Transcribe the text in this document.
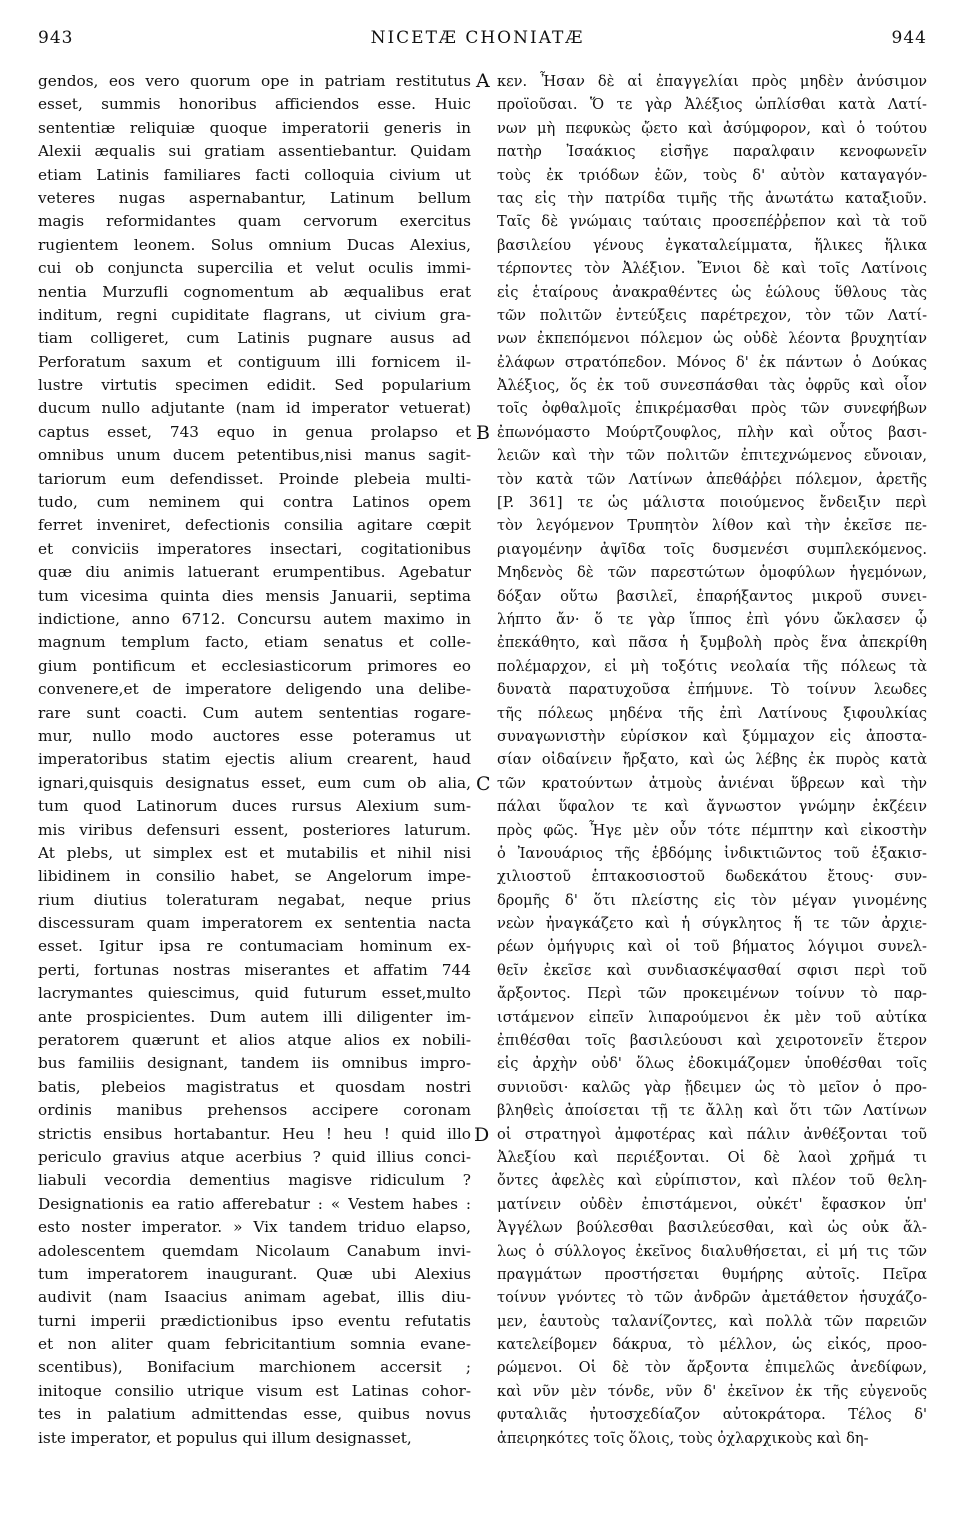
943	NICETÆ CHONIATÆ	944
gendos, eos vero quorum ope in patriam restitutus
esset, summis honoribus afficiendos esse. Huic
sententiæ reliquiæ quoque imperatorii generis in
Alexii æqualis sui gratiam assentiebantur. Quidam
etiam Latinis familiares facti colloquia civium ut
veteres nugas aspernabantur, Latinum bellum
magis reformidantes quam cervorum exercitus
rugientem leonem. Solus omnium Ducas Alexius,
cui ob conjuncta supercilia et velut oculis immi-
nentia Murzufli cognomentum ab æqualibus erat
inditum, regni cupiditate flagrans, ut civium gra-
tiam colligeret, cum Latinis pugnare ausus ad
Perforatum saxum et contiguum illi fornicem il-
lustre virtutis specimen edidit. Sed popularium
ducum nullo adjutante (nam id imperator vetuerat)
captus esset, 743 equo in genua prolapso et
omnibus unum ducem petentibus,nisi manus sagit-
tariorum eum defendisset. Proinde plebeia multi-
tudo, cum neminem qui contra Latinos opem
ferret inveniret, defectionis consilia agitare cœpit
et conviciis imperatores insectari, cogitationibus
quæ diu animis latuerant erumpentibus. Agebatur
tum vicesima quinta dies mensis Januarii, septima
indictione, anno 6712. Concursu autem maximo in
magnum templum facto, etiam senatus et colle-
gium pontificum et ecclesiasticorum primores eo
convenere,et de imperatore deligendo una delibe-
rare sunt coacti. Cum autem sententias rogare-
mur, nullo modo auctores esse poteramus ut
imperatoribus statim ejectis alium crearent, haud
ignari,quisquis designatus esset, eum cum ob alia,
tum quod Latinorum duces rursus Alexium sum-
mis viribus defensuri essent, posteriores laturum.
At plebs, ut simplex est et mutabilis et nihil nisi
libidinem in consilio habet, se Angelorum impe-
rium diutius toleraturam negabat, neque prius
discessuram quam imperatorem ex sententia nacta
esset. Igitur ipsa re contumaciam hominum ex-
perti, fortunas nostras miserantes et affatim 744
lacrymantes quiescimus, quid futurum esset,multo
ante prospicientes. Dum autem illi diligenter im-
peratorem quærunt et alios atque alios ex nobili-
bus familiis designant, tandem iis omnibus impro-
batis, plebeios magistratus et quosdam nostri
ordinis manibus prehensos accipere coronam
strictis ensibus hortabantur. Heu ! heu ! quid illo
periculo gravius atque acerbius ? quid illius conci-
liabuli vecordia dementius magisve ridiculum ?
Designationis ea ratio afferebatur : « Vestem habes :
esto noster imperator. » Vix tandem triduo elapso,
adolescentem quemdam Nicolaum Canabum invi-
tum imperatorem inaugurant. Quæ ubi Alexius
audivit (nam Isaacius animam agebat, illis diu-
turni imperii prædictionibus ipso eventu refutatis
et non aliter quam febricitantium somnia evane-
scentibus), Bonifacium marchionem accersit ;
initoque consilio utrique visum est Latinas cohor-
tes in palatium admittendas esse, quibus novus
iste imperator, et populus qui illum designasset,
A
B
C
D
κεν. Ἦσαν δὲ αἱ ἐπαγγελίαι πρὸς μηδὲν ἀνύσιμον
προϊοῦσαι. Ὅ τε γὰρ Ἀλέξιος ὡπλίσθαι κατὰ Λατί-
νων μὴ πεφυκὼς ᾤετο καὶ ἀσύμφορον, καὶ ὁ τούτου
πατὴρ Ἰσαάκιος εἰσῆγε παραλφαιν κενοφωνεῖν
τοὺς ἐκ τριόδων ἐῶν, τοὺς δ' αὐτὸν καταγαγόν-
τας εἰς τὴν πατρίδα τιμῆς τῆς ἀνωτάτω καταξιοῦν.
Ταῖς δὲ γνώμαις ταύταις προσεπέῤῥεπον καὶ τὰ τοῦ
βασιλείου γένους ἐγκαταλείμματα, ἥλικες ἥλικα
τέρποντες τὸν Ἀλέξιον. Ἔνιοι δὲ καὶ τοῖς Λατίνοις
εἰς ἑταίρους ἀνακραθέντες ὡς ἑώλους ὕθλους τὰς
τῶν πολιτῶν ἐντεύξεις παρέτρεχον, τὸν τῶν Λατί-
νων ἐκπεπόμενοι πόλεμον ὡς οὐδὲ λέοντα βρυχητίαν
ἐλάφων στρατόπεδον. Μόνος δ' ἐκ πάντων ὁ Δούκας
Ἀλέξιος, ὅς ἐκ τοῦ συνεσπάσθαι τὰς ὀφρῦς καὶ οἷον
τοῖς ὀφθαλμοῖς ἐπικρέμασθαι πρὸς τῶν συνεφήβων
ἐπωνόμαστο Μούρτζουφλος, πλὴν καὶ οὗτος βασι-
λειῶν καὶ τὴν τῶν πολιτῶν ἐπιτεχνώμενος εὔνοιαν,
τὸν κατὰ τῶν Λατίνων ἀπεθάῤῥει πόλεμον, ἀρετῆς
[P. 361] τε ὡς μάλιστα ποιούμενος ἔνδειξιν περὶ
τὸν λεγόμενον Τρυπητὸν λίθον καὶ τὴν ἐκεῖσε πε-
ριαγομένην ἀψῖδα τοῖς δυσμενέσι συμπλεκόμενος.
Μηδενὸς δὲ τῶν παρεστώτων ὁμοφύλων ἡγεμόνων,
δόξαν οὕτω βασιλεῖ, ἐπαρήξαντος μικροῦ συνει-
λήπτο ἄν· ὅ τε γὰρ ἵππος ἐπὶ γόνυ ὤκλασεν ᾧ
ἐπεκάθητο, καὶ πᾶσα ἡ ξυμβολὴ πρὸς ἕνα ἀπεκρίθη
πολέμαρχον, εἰ μὴ τοξότις νεολαία τῆς πόλεως τὰ
δυνατὰ παρατυχοῦσα ἐπήμυνε. Τὸ τοίνυν λεωδες
τῆς πόλεως μηδένα τῆς ἐπὶ Λατίνους ξιφουλκίας
συναγωνιστὴν εὑρίσκον καὶ ξύμμαχον εἰς ἀποστα-
σίαν οἰδαίνειν ἤρξατο, καὶ ὡς λέβης ἐκ πυρὸς κατὰ
τῶν κρατούντων ἀτμοὺς ἀνιέναι ὕβρεων καὶ τὴν
πάλαι ὕφαλον τε καὶ ἄγνωστον γνώμην ἐκζέειν
πρὸς φῶς. Ἦγε μὲν οὖν τότε πέμπτην καὶ εἰκοστὴν
ὁ Ἰανουάριος τῆς ἑβδόμης ἰνδικτιῶντος τοῦ ἑξακισ-
χιλιοστοῦ ἑπτακοσιοστοῦ δωδεκάτου ἔτους· συν-
δρομῆς δ' ὅτι πλείστης εἰς τὸν μέγαν γινομένης
νεὼν ἠναγκάζετο καὶ ἡ σύγκλητος ἥ τε τῶν ἀρχιε-
ρέων ὁμήγυρις καὶ οἱ τοῦ βήματος λόγιμοι συνελ-
θεῖν ἐκεῖσε καὶ συνδιασκέψασθαί σφισι περὶ τοῦ
ἄρξοντος. Περὶ τῶν προκειμένων τοίνυν τὸ παρ-
ιστάμενον εἰπεῖν λιπαρούμενοι ἐκ μὲν τοῦ αὐτίκα
ἐπιθέσθαι τοῖς βασιλεύουσι καὶ χειροτονεῖν ἕτερον
εἰς ἀρχὴν οὐδ' ὅλως ἐδοκιμάζομεν ὑποθέσθαι τοῖς
συνιοῦσι· καλῶς γὰρ ᾔδειμεν ὡς τὸ μεῖον ὁ προ-
βληθεὶς ἀποίσεται τῇ τε ἄλλῃ καὶ ὅτι τῶν Λατίνων
οἱ στρατηγοὶ ἀμφοτέρας καὶ πάλιν ἀνθέξονται τοῦ
Ἀλεξίου καὶ περιέξονται. Οἱ δὲ λαοὶ χρῆμά τι
ὄντες ἀφελὲς καὶ εὐρίπιστον, καὶ πλέον τοῦ θελη-
ματίνειν οὐδὲν ἐπιστάμενοι, οὐκέτ' ἔφασκον ὑπ'
Ἀγγέλων βούλεσθαι βασιλεύεσθαι, καὶ ὡς οὐκ ἄλ-
λως ὁ σύλλογος ἐκεῖνος διαλυθήσεται, εἰ μή τις τῶν
πραγμάτων προστήσεται θυμήρης αὐτοῖς. Πεῖρα
τοίνυν γνόντες τὸ τῶν ἀνδρῶν ἀμετάθετον ἡσυχάζο-
μεν, ἑαυτοὺς ταλανίζοντες, καὶ πολλὰ τῶν παρειῶν
κατελείβομεν δάκρυα, τὸ μέλλον, ὡς εἰκός, προο-
ρώμενοι. Οἱ δὲ τὸν ἄρξοντα ἐπιμελῶς ἀνεδίφων,
καὶ νῦν μὲν τόνδε, νῦν δ' ἐκεῖνον ἐκ τῆς εὐγενοῦς
φυταλιᾶς ἠυτοσχεδίαζον αὐτοκράτορα. Τέλος δ'
ἀπειρηκότες τοῖς ὅλοις, τοὺς ὀχλαρχικοὺς καὶ δη-
